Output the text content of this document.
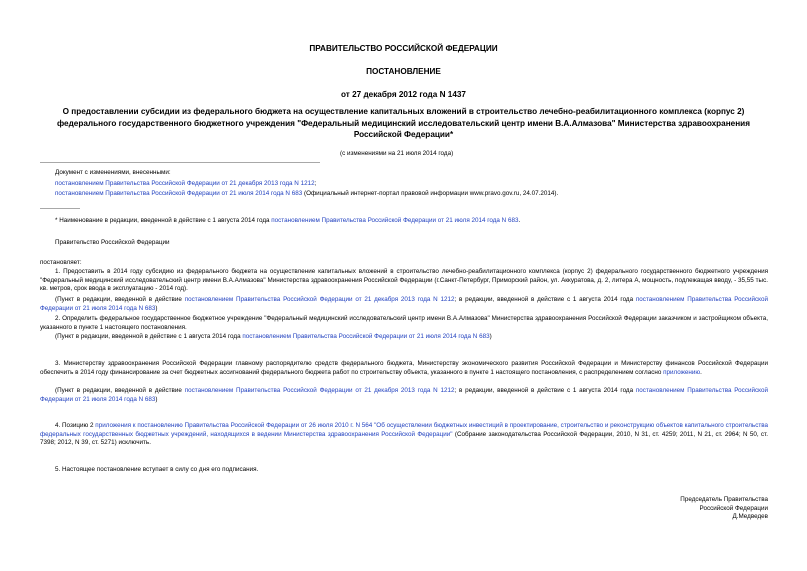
ПРАВИТЕЛЬСТВО РОССИЙСКОЙ ФЕДЕРАЦИИ
ПОСТАНОВЛЕНИЕ
от 27 декабря 2012 года N 1437
О предоставлении субсидии из федерального бюджета на осуществление капитальных вложений в строительство лечебно-реабилитационного комплекса (корпус 2) федерального государственного бюджетного учреждения "Федеральный медицинский исследовательский центр имени В.А.Алмазова" Министерства здравоохранения Российской Федерации*
(с изменениями на 21 июля 2014 года)
Документ с изменениями, внесенными:
постановлением Правительства Российской Федерации от 21 декабря 2013 года N 1212;
постановлением Правительства Российской Федерации от 21 июля 2014 года N 683 (Официальный интернет-портал правовой информации www.pravo.gov.ru, 24.07.2014).
* Наименование в редакции, введенной в действие с 1 августа 2014 года постановлением Правительства Российской Федерации от 21 июля 2014 года N 683.
Правительство Российской Федерации
постановляет:
1. Предоставить в 2014 году субсидию из федерального бюджета на осуществление капитальных вложений в строительство лечебно-реабилитационного комплекса (корпус 2) федерального государственного бюджетного учреждения "Федеральный медицинский исследовательский центр имени В.А.Алмазова" Министерства здравоохранения Российской Федерации (г.Санкт-Петербург, Приморский район, ул. Аккуратова, д. 2, литера А, мощность, подлежащая вводу, - 35,55 тыс. кв. метров, срок ввода в эксплуатацию - 2014 год).
(Пункт в редакции, введенной в действие постановлением Правительства Российской Федерации от 21 декабря 2013 года N 1212; в редакции, введенной в действие с 1 августа 2014 года постановлением Правительства Российской Федерации от 21 июля 2014 года N 683)
2. Определить федеральное государственное бюджетное учреждение "Федеральный медицинский исследовательский центр имени В.А.Алмазова" Министерства здравоохранения Российской Федерации заказчиком и застройщиком объекта, указанного в пункте 1 настоящего постановления.
(Пункт в редакции, введенной в действие с 1 августа 2014 года постановлением Правительства Российской Федерации от 21 июля 2014 года N 683)
3. Министерству здравоохранения Российской Федерации главному распорядителю средств федерального бюджета, Министерству экономического развития Российской Федерации и Министерству финансов Российской Федерации обеспечить в 2014 году финансирование за счет бюджетных ассигнований федерального бюджета работ по строительству объекта, указанного в пункте 1 настоящего постановления, с распределением согласно приложению.
(Пункт в редакции, введенной в действие постановлением Правительства Российской Федерации от 21 декабря 2013 года N 1212; в редакции, введенной в действие с 1 августа 2014 года постановлением Правительства Российской Федерации от 21 июля 2014 года N 683)
4. Позицию 2 приложения к постановлению Правительства Российской Федерации от 26 июля 2010 г. N 564 "Об осуществлении бюджетных инвестиций в проектирование, строительство и реконструкцию объектов капитального строительства федеральных государственных бюджетных учреждений, находящихся в ведении Министерства здравоохранения Российской Федерации" (Собрание законодательства Российской Федерации, 2010, N 31, ст. 4259; 2011, N 21, ст. 2964; N 50, ст. 7398; 2012, N 39, ст. 5271) исключить.
5. Настоящее постановление вступает в силу со дня его подписания.
Председатель Правительства
Российской Федерации
Д.Медведев
